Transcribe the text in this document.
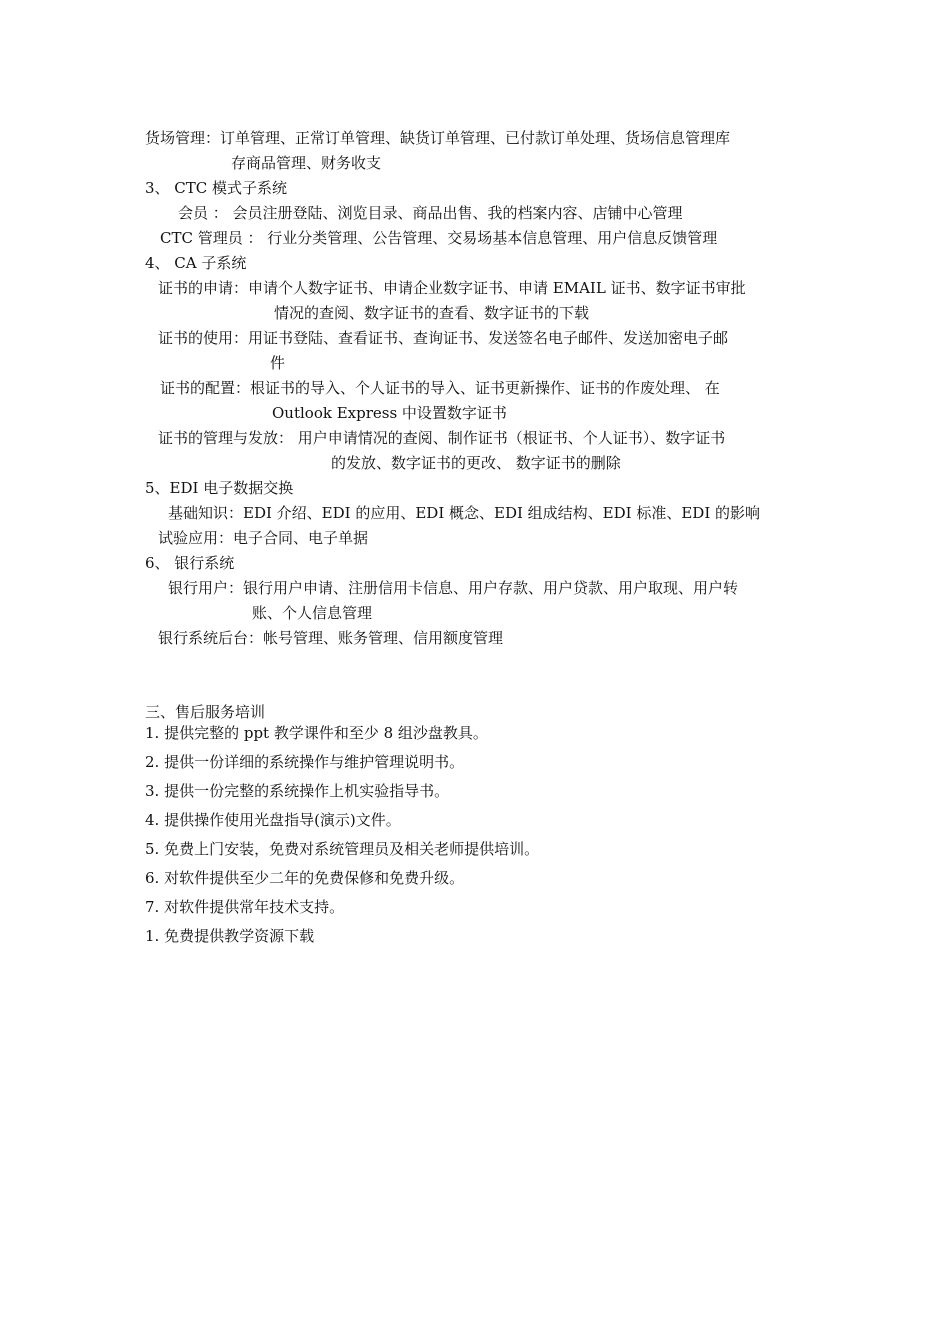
货场管理：订单管理、正常订单管理、缺货订单管理、已付款订单处理、货场信息管理库
存商品管理、财务收支
3、 CTC 模式子系统
会员 ： 会员注册登陆、浏览目录、商品出售、我的档案内容、店铺中心管理
CTC 管理员 ： 行业分类管理、公告管理、交易场基本信息管理、用户信息反馈管理
4、 CA 子系统
证书的申请：申请个人数字证书、申请企业数字证书、申请 EMAIL 证书、数字证书审批
情况的查阅、数字证书的查看、数字证书的下载
证书的使用：用证书登陆、查看证书、查询证书、发送签名电子邮件、发送加密电子邮
件
证书的配置：根证书的导入、个人证书的导入、证书更新操作、证书的作废处理、 在
Outlook Express 中设置数字证书
证书的管理与发放： 用户申请情况的查阅、制作证书（根证书、个人证书）、数字证书
的发放、数字证书的更改、 数字证书的删除
5、EDI 电子数据交换
基础知识：EDI 介绍、EDI 的应用、EDI 概念、EDI 组成结构、EDI 标准、EDI 的影响
试验应用：电子合同、电子单据
6、 银行系统
银行用户：银行用户申请、注册信用卡信息、用户存款、用户贷款、用户取现、用户转
账、个人信息管理
银行系统后台：帐号管理、账务管理、信用额度管理
三、售后服务培训
1. 提供完整的 ppt 教学课件和至少 8 组沙盘教具。
2. 提供一份详细的系统操作与维护管理说明书。
3. 提供一份完整的系统操作上机实验指导书。
4. 提供操作使用光盘指导(演示)文件。
5. 免费上门安装，免费对系统管理员及相关老师提供培训。
6. 对软件提供至少二年的免费保修和免费升级。
7. 对软件提供常年技术支持。
1. 免费提供教学资源下载
